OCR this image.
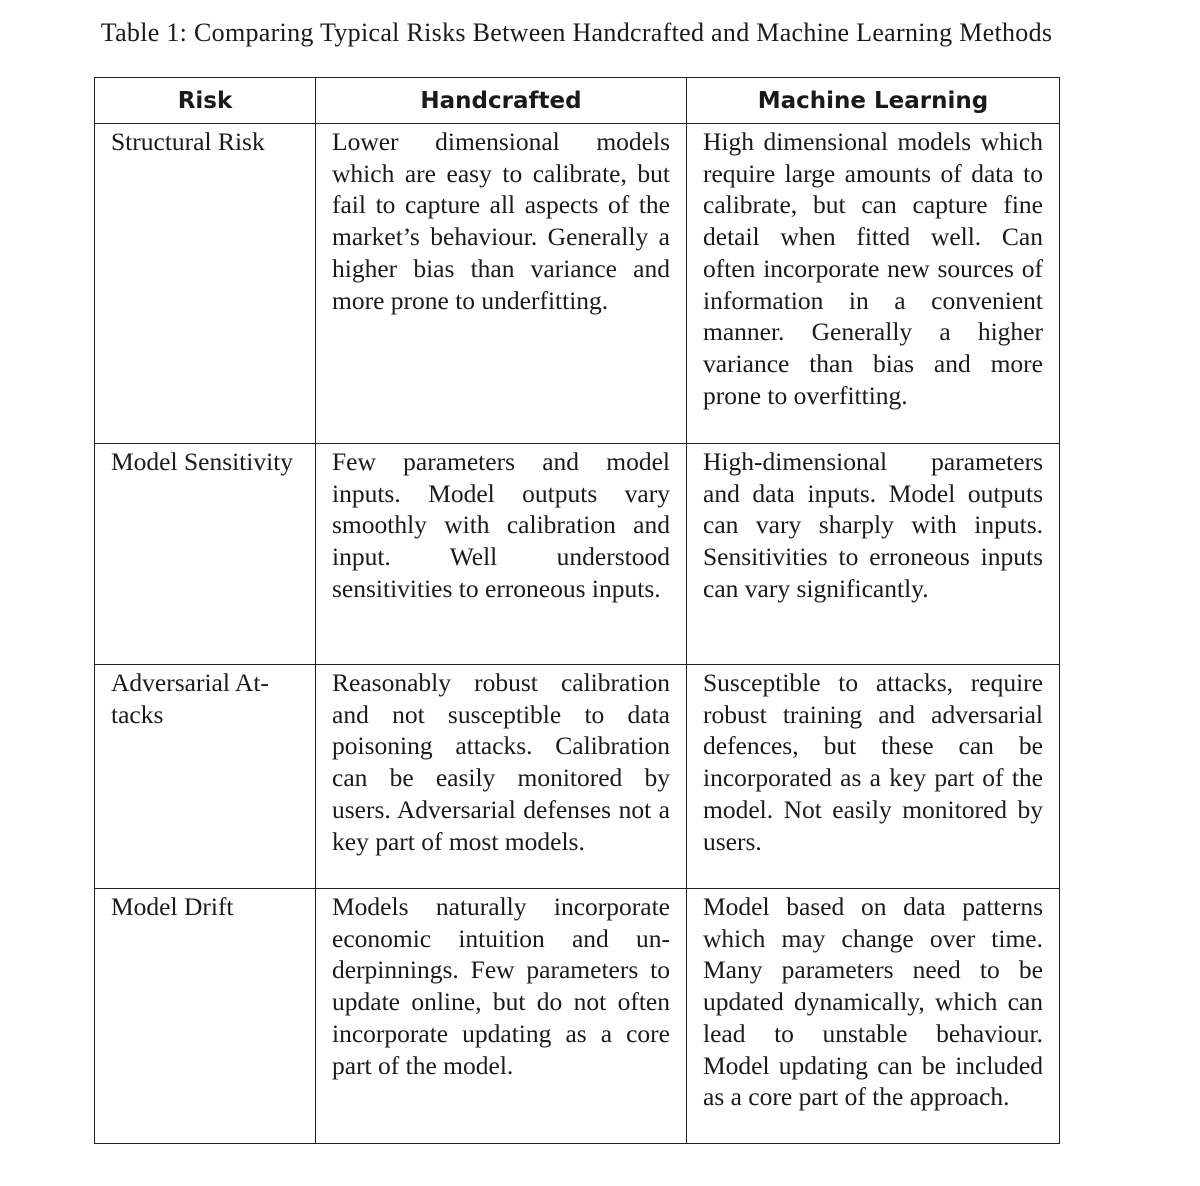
Table 1: Comparing Typical Risks Between Handcrafted and Machine Learning Methods
Risk	Handcrafted	Machine Learning
Structural Risk	Lower dimensional models which are easy to calibrate, but fail to capture all aspects of the market’s behaviour. Generally a higher bias than variance and more prone to underfitting.	High dimensional models which require large amounts of data to calibrate, but can capture fine detail when fitted well. Can often incorporate new sources of information in a convenient manner. Generally a higher variance than bias and more prone to overfitting.
Model Sensitivity	Few parameters and model inputs. Model outputs vary smoothly with calibration and input. Well understood sensitivities to erroneous inputs.	High-dimensional parameters and data inputs. Model outputs can vary sharply with inputs. Sensitivities to erroneous inputs can vary significantly.
Adversarial Attacks	Reasonably robust calibration and not susceptible to data poisoning attacks. Calibration can be easily monitored by users. Adversarial defenses not a key part of most models.	Susceptible to attacks, require robust training and adversarial defences, but these can be incorporated as a key part of the model. Not easily monitored by users.
Model Drift	Models naturally incorporate economic intuition and underpinnings. Few parameters to update online, but do not often incorporate updating as a core part of the model.	Model based on data patterns which may change over time. Many parameters need to be updated dynamically, which can lead to unstable behaviour. Model updating can be included as a core part of the approach.
